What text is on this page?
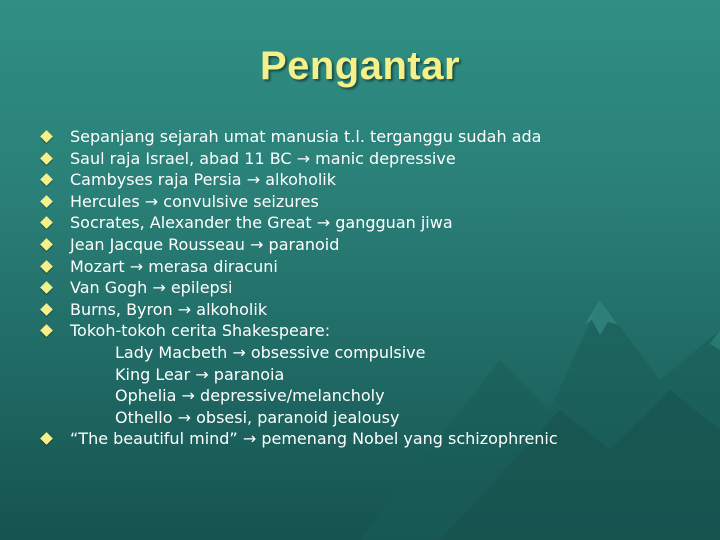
Pengantar
Sepanjang sejarah umat manusia t.l. terganggu sudah ada
Saul raja Israel, abad 11 BC → manic depressive
Cambyses raja Persia → alkoholik
Hercules → convulsive seizures
Socrates, Alexander the Great → gangguan jiwa
Jean Jacque Rousseau → paranoid
Mozart → merasa diracuni
Van Gogh → epilepsi
Burns, Byron → alkoholik
Tokoh-tokoh cerita Shakespeare:
Lady Macbeth → obsessive compulsive
King Lear → paranoia
Ophelia → depressive/melancholy
Othello → obsesi, paranoid jealousy
“The beautiful mind” → pemenang Nobel yang schizophrenic
